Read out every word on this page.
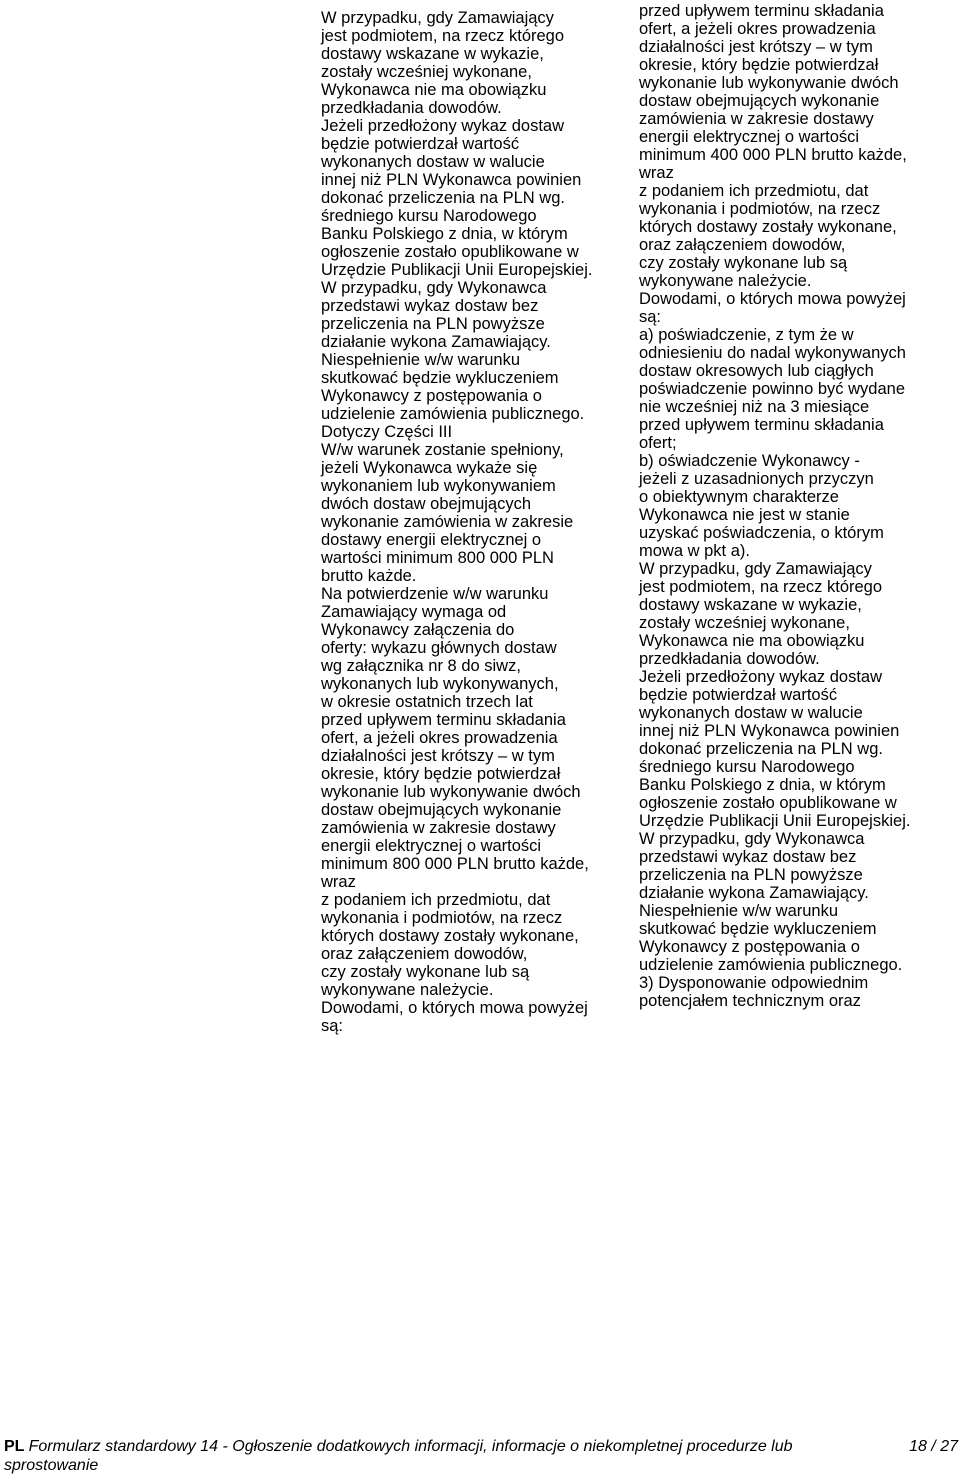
W przypadku, gdy Zamawiający
jest podmiotem, na rzecz którego
dostawy wskazane w wykazie,
zostały wcześniej wykonane,
Wykonawca nie ma obowiązku
przedkładania dowodów.
Jeżeli przedłożony wykaz dostaw
będzie potwierdzał wartość
wykonanych dostaw w walucie
innej niż PLN Wykonawca powinien
dokonać przeliczenia na PLN wg.
średniego kursu Narodowego
Banku Polskiego z dnia, w którym
ogłoszenie zostało opublikowane w
Urzędzie Publikacji Unii Europejskiej.
W przypadku, gdy Wykonawca
przedstawi wykaz dostaw bez
przeliczenia na PLN powyższe
działanie wykona Zamawiający.
Niespełnienie w/w warunku
skutkować będzie wykluczeniem
Wykonawcy z postępowania o
udzielenie zamówienia publicznego.
Dotyczy Części III
W/w warunek zostanie spełniony,
jeżeli Wykonawca wykaże się
wykonaniem lub wykonywaniem
dwóch dostaw obejmujących
wykonanie zamówienia w zakresie
dostawy energii elektrycznej o
wartości minimum 800 000 PLN
brutto każde.
Na potwierdzenie w/w warunku
Zamawiający wymaga od
Wykonawcy załączenia do
oferty: wykazu głównych dostaw
wg załącznika nr 8 do siwz,
wykonanych lub wykonywanych,
w okresie ostatnich trzech lat
przed upływem terminu składania
ofert, a jeżeli okres prowadzenia
działalności jest krótszy – w tym
okresie, który będzie potwierdzał
wykonanie lub wykonywanie dwóch
dostaw obejmujących wykonanie
zamówienia w zakresie dostawy
energii elektrycznej o wartości
minimum 800 000 PLN brutto każde,
wraz
z podaniem ich przedmiotu, dat
wykonania i podmiotów, na rzecz
których dostawy zostały wykonane,
oraz załączeniem dowodów,
czy zostały wykonane lub są
wykonywane należycie.
Dowodami, o których mowa powyżej
są:
przed upływem terminu składania
ofert, a jeżeli okres prowadzenia
działalności jest krótszy – w tym
okresie, który będzie potwierdzał
wykonanie lub wykonywanie dwóch
dostaw obejmujących wykonanie
zamówienia w zakresie dostawy
energii elektrycznej o wartości
minimum 400 000 PLN brutto każde,
wraz
z podaniem ich przedmiotu, dat
wykonania i podmiotów, na rzecz
których dostawy zostały wykonane,
oraz załączeniem dowodów,
czy zostały wykonane lub są
wykonywane należycie.
Dowodami, o których mowa powyżej
są:
a) poświadczenie, z tym że w
odniesieniu do nadal wykonywanych
dostaw okresowych lub ciągłych
poświadczenie powinno być wydane
nie wcześniej niż na 3 miesiące
przed upływem terminu składania
ofert;
b) oświadczenie Wykonawcy -
jeżeli z uzasadnionych przyczyn
o obiektywnym charakterze
Wykonawca nie jest w stanie
uzyskać poświadczenia, o którym
mowa w pkt a).
W przypadku, gdy Zamawiający
jest podmiotem, na rzecz którego
dostawy wskazane w wykazie,
zostały wcześniej wykonane,
Wykonawca nie ma obowiązku
przedkładania dowodów.
Jeżeli przedłożony wykaz dostaw
będzie potwierdzał wartość
wykonanych dostaw w walucie
innej niż PLN Wykonawca powinien
dokonać przeliczenia na PLN wg.
średniego kursu Narodowego
Banku Polskiego z dnia, w którym
ogłoszenie zostało opublikowane w
Urzędzie Publikacji Unii Europejskiej.
W przypadku, gdy Wykonawca
przedstawi wykaz dostaw bez
przeliczenia na PLN powyższe
działanie wykona Zamawiający.
Niespełnienie w/w warunku
skutkować będzie wykluczeniem
Wykonawcy z postępowania o
udzielenie zamówienia publicznego.
3) Dysponowanie odpowiednim
potencjałem technicznym oraz
PL Formularz standardowy 14 - Ogłoszenie dodatkowych informacji, informacje o niekompletnej procedurze lub	18 / 27
sprostowanie
